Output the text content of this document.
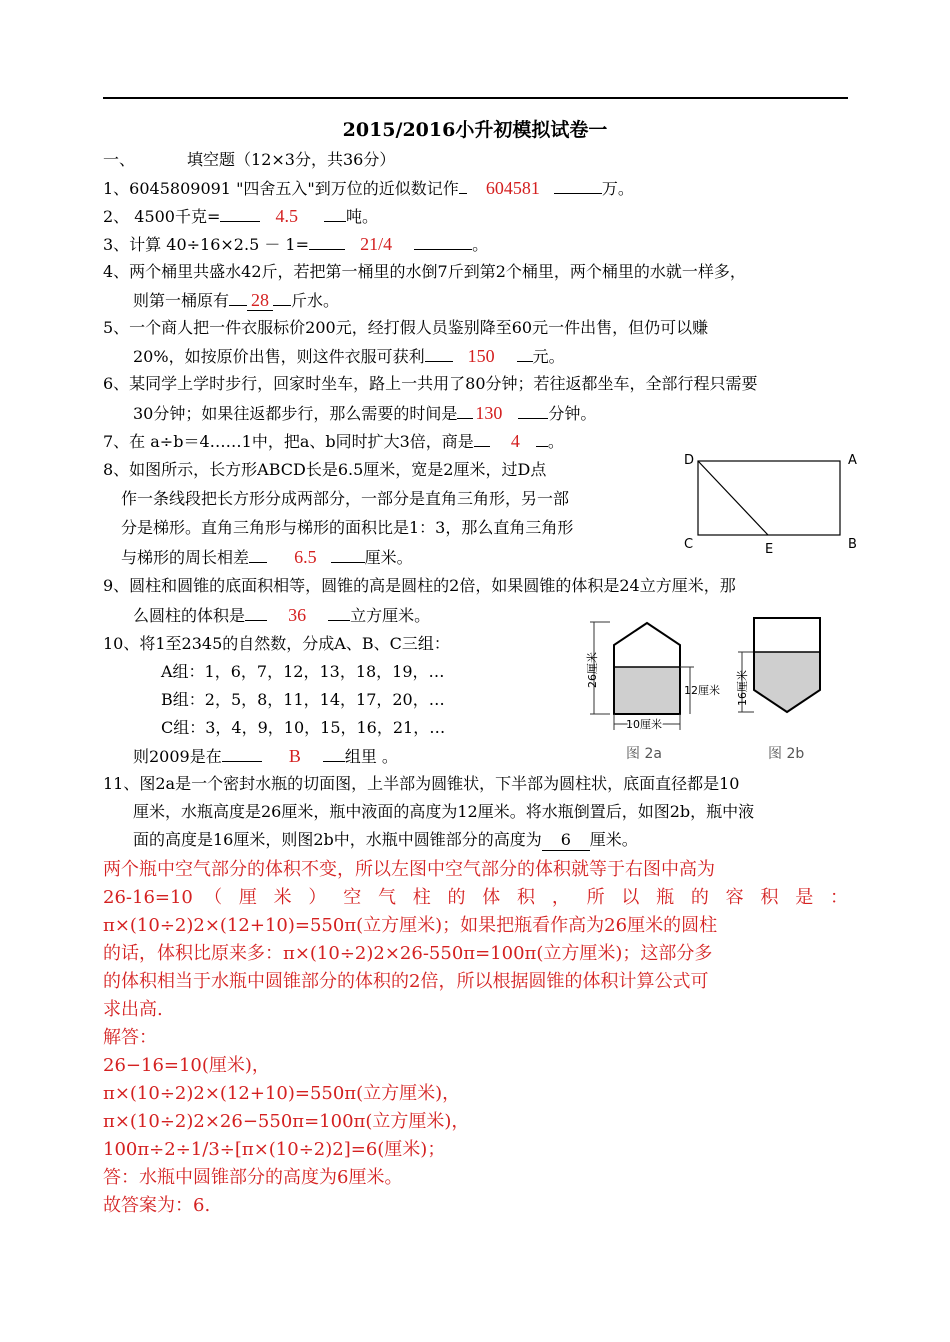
2015/2016小升初模拟试卷一
一、	填空题（12×3分，共36分）
1、6045809091 "四舍五入"到万位的近似数记作 604581	万。
2、 4500千克=	4.5	吨。
3、计算 40÷16×2.5 － 1=	21/4	。
4、两个桶里共盛水42斤，若把第一桶里的水倒7斤到第2个桶里，两个桶里的水就一样多，
则第一桶原有 28 斤水。
5、一个商人把一件衣服标价200元，经打假人员鉴别降至60元一件出售，但仍可以赚
20%，如按原价出售，则这件衣服可获利 150 元。
6、某同学上学时步行，回家时坐车，路上一共用了80分钟；若往返都坐车，全部行程只需要
30分钟；如果往返都步行，那么需要的时间是 130	分钟。
7、在 a÷b＝4……1中，把a、b同时扩大3倍，商是 4 。
8、如图所示，长方形ABCD长是6.5厘米，宽是2厘米，过D点
作一条线段把长方形分成两部分，一部分是直角三角形，另一部
分是梯形。直角三角形与梯形的面积比是1：3，那么直角三角形
与梯形的周长相差	6.5	厘米。
D	A
C	E	B
9、圆柱和圆锥的底面积相等，圆锥的高是圆柱的2倍，如果圆锥的体积是24立方厘米，那
么圆柱的体积是 36	立方厘米。
10、将1至2345的自然数，分成A、B、C三组：
A组：1，6，7，12，13，18，19，…
B组：2，5，8，11，14，17，20，…
C组：3，4，9，10，15，16，21，…
则2009是在	B	组里 。
26厘米
12厘米
10厘米
图 2a
16厘米
图 2b
11、图2a是一个密封水瓶的切面图，上半部为圆锥状，下半部为圆柱状，底面直径都是10
厘米，水瓶高度是26厘米，瓶中液面的高度为12厘米。将水瓶倒置后，如图2b，瓶中液
面的高度是16厘米，则图2b中，水瓶中圆锥部分的高度为 6 厘米。
两个瓶中空气部分的体积不变，所以左图中空气部分的体积就等于右图中高为
26-16=10 （ 厘 米 ） 空 气 柱 的 体 积 ， 所 以 瓶 的 容 积 是 ：
π×(10÷2)2×(12+10)=550π(立方厘米)；如果把瓶看作高为26厘米的圆柱
的话，体积比原来多：π×(10÷2)2×26-550π=100π(立方厘米)；这部分多
的体积相当于水瓶中圆锥部分的体积的2倍，所以根据圆锥的体积计算公式可
求出高.
解答：
26−16=10(厘米)，
π×(10÷2)2×(12+10)=550π(立方厘米)，
π×(10÷2)2×26−550π=100π(立方厘米)，
100π÷2÷1/3÷[π×(10÷2)2]=6(厘米)；
答：水瓶中圆锥部分的高度为6厘米。
故答案为：6.
